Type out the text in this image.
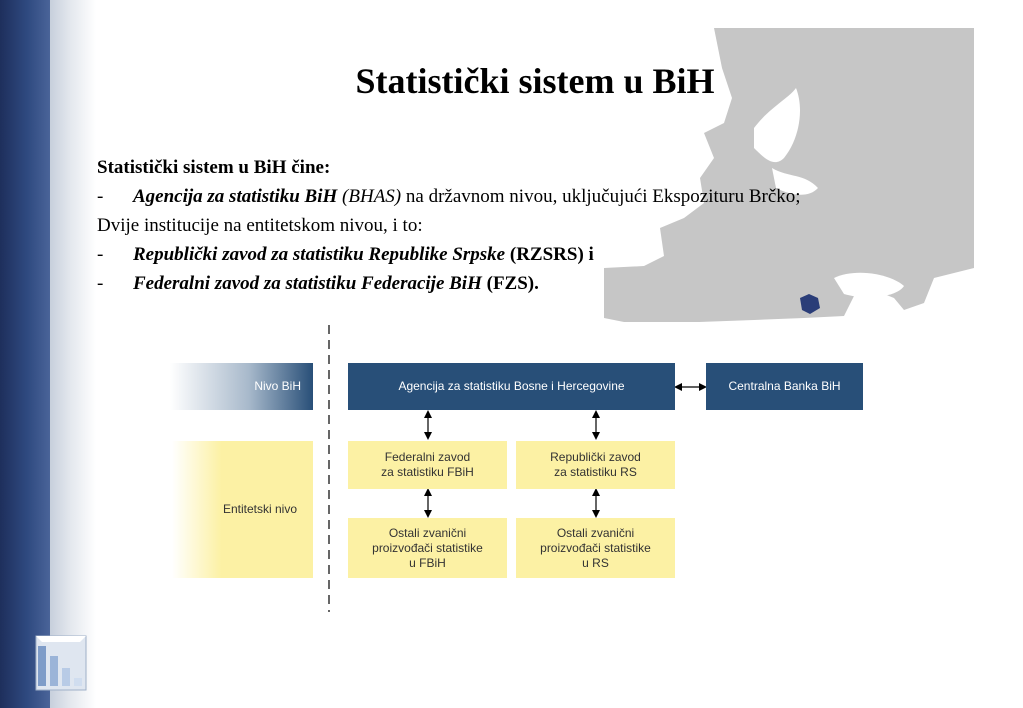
Statistički sistem u BiH
Statistički sistem u BiH čine:
- Agencija za statistiku BiH (BHAS) na državnom nivou, uključujući Ekspozituru Brčko;
Dvije institucije na entitetskom nivou, i to:
- Republički zavod za statistiku Republike Srpske (RZSRS) i
- Federalni zavod za statistiku Federacije BiH (FZS).
Nivo BiH
Entitetski nivo
Agencija za statistiku Bosne i Hercegovine	Centralna Banka BiH
Federalni zavod
za statistiku FBiH
Republički zavod
za statistiku RS
Ostali zvanični
proizvođači statistike
u FBiH
Ostali zvanični
proizvođači statistike
u RS
